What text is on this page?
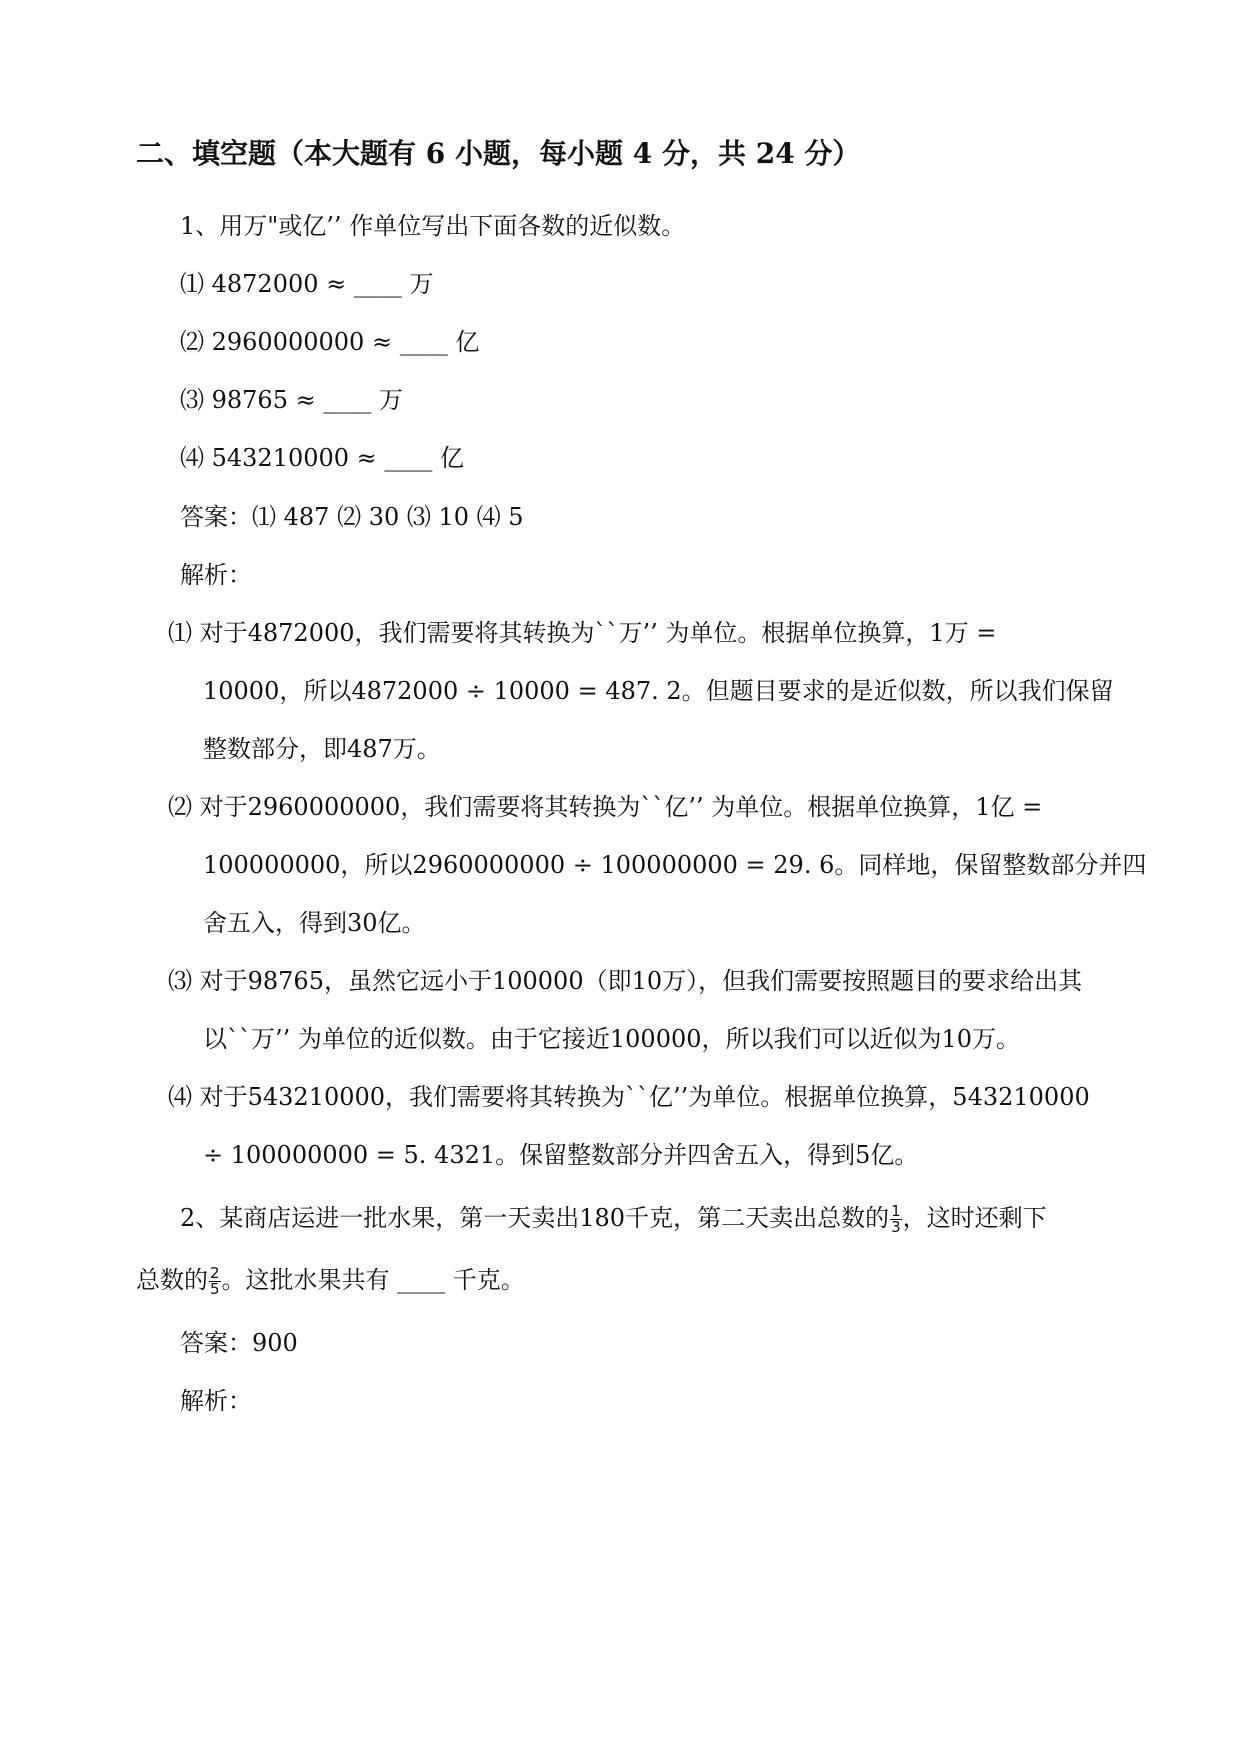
二、填空题（本大题有 6 小题，每小题 4 分，共 24 分）
1、用万"或亿’’ 作单位写出下面各数的近似数。
⑴ 4872000 ≈ ____ 万
⑵ 2960000000 ≈ ____ 亿
⑶ 98765 ≈ ____ 万
⑷ 543210000 ≈ ____ 亿
答案：⑴ 487 ⑵ 30 ⑶ 10 ⑷ 5
解析：
⑴ 对于4872000，我们需要将其转换为``万’’ 为单位。根据单位换算，1万 =
10000，所以4872000 ÷ 10000 = 487. 2。但题目要求的是近似数，所以我们保留
整数部分，即487万。
⑵ 对于2960000000，我们需要将其转换为``亿’’ 为单位。根据单位换算，1亿 =
100000000，所以2960000000 ÷ 100000000 = 29. 6。同样地，保留整数部分并四
舍五入，得到30亿。
⑶ 对于98765，虽然它远小于100000（即10万），但我们需要按照题目的要求给出其
以``万’’ 为单位的近似数。由于它接近100000，所以我们可以近似为10万。
⑷ 对于543210000，我们需要将其转换为``亿’’为单位。根据单位换算，543210000
÷ 100000000 = 5. 4321。保留整数部分并四舍五入，得到5亿。
2、某商店运进一批水果，第一天卖出180千克，第二天卖出总数的 $\frac{1}{3}$ ，这时还剩下
总数的 $\frac{2}{5}$ 。这批水果共有 ____ 千克。
答案：900
解析：
